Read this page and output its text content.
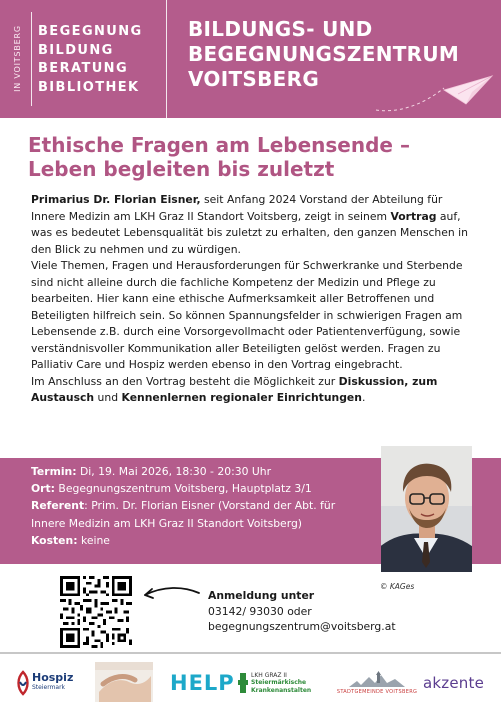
IN VOITSBERG BEGEGNUNG
BILDUNG
BERATUNG
BIBLIOTHEK
BILDUNGS- UND
BEGEGNUNGSZENTRUM
VOITSBERG
Ethische Fragen am Lebensende –
Leben begleiten bis zuletzt

Primarius Dr. Florian Eisner, seit Anfang 2024 Vorstand der Abteilung für Innere Medizin am LKH Graz II Standort Voitsberg, zeigt in seinem Vortrag auf, was es bedeutet Lebensqualität bis zuletzt zu erhalten, den ganzen Menschen in den Blick zu nehmen und zu würdigen.

Viele Themen, Fragen und Herausforderungen für Schwerkranke und Sterbende sind nicht alleine durch die fachliche Kompetenz der Medizin und Pflege zu bearbeiten. Hier kann eine ethische Aufmerksamkeit aller Betroffenen und Beteiligten hilfreich sein. So können Spannungsfelder in schwierigen Fragen am Lebensende z.B. durch eine Vorsorgevollmacht oder Patientenverfügung, sowie verständnisvoller Kommunikation aller Beteiligten gelöst werden. Fragen zu Palliativ Care und Hospiz werden ebenso in den Vortrag eingebracht.

Im Anschluss an den Vortrag besteht die Möglichkeit zur Diskussion, zum Austausch und Kennenlernen regionaler Einrichtungen.

Termin: Di, 19. Mai 2026, 18:30 - 20:30 Uhr
Ort: Begegnungszentrum Voitsberg, Hauptplatz 3/1
Referent: Prim. Dr. Florian Eisner (Vorstand der Abt. für Innere Medizin am LKH Graz II Standort Voitsberg)
Kosten: keine
© KAGes
Anmeldung unter
03142/ 93030 oder
begegnungszentrum@voitsberg.at
Hospiz
Steiermark	HELP	LKH GRAZ II
Steiermärkische
Krankenanstalten	STADTGEMEINDE VOITSBERG akzente
